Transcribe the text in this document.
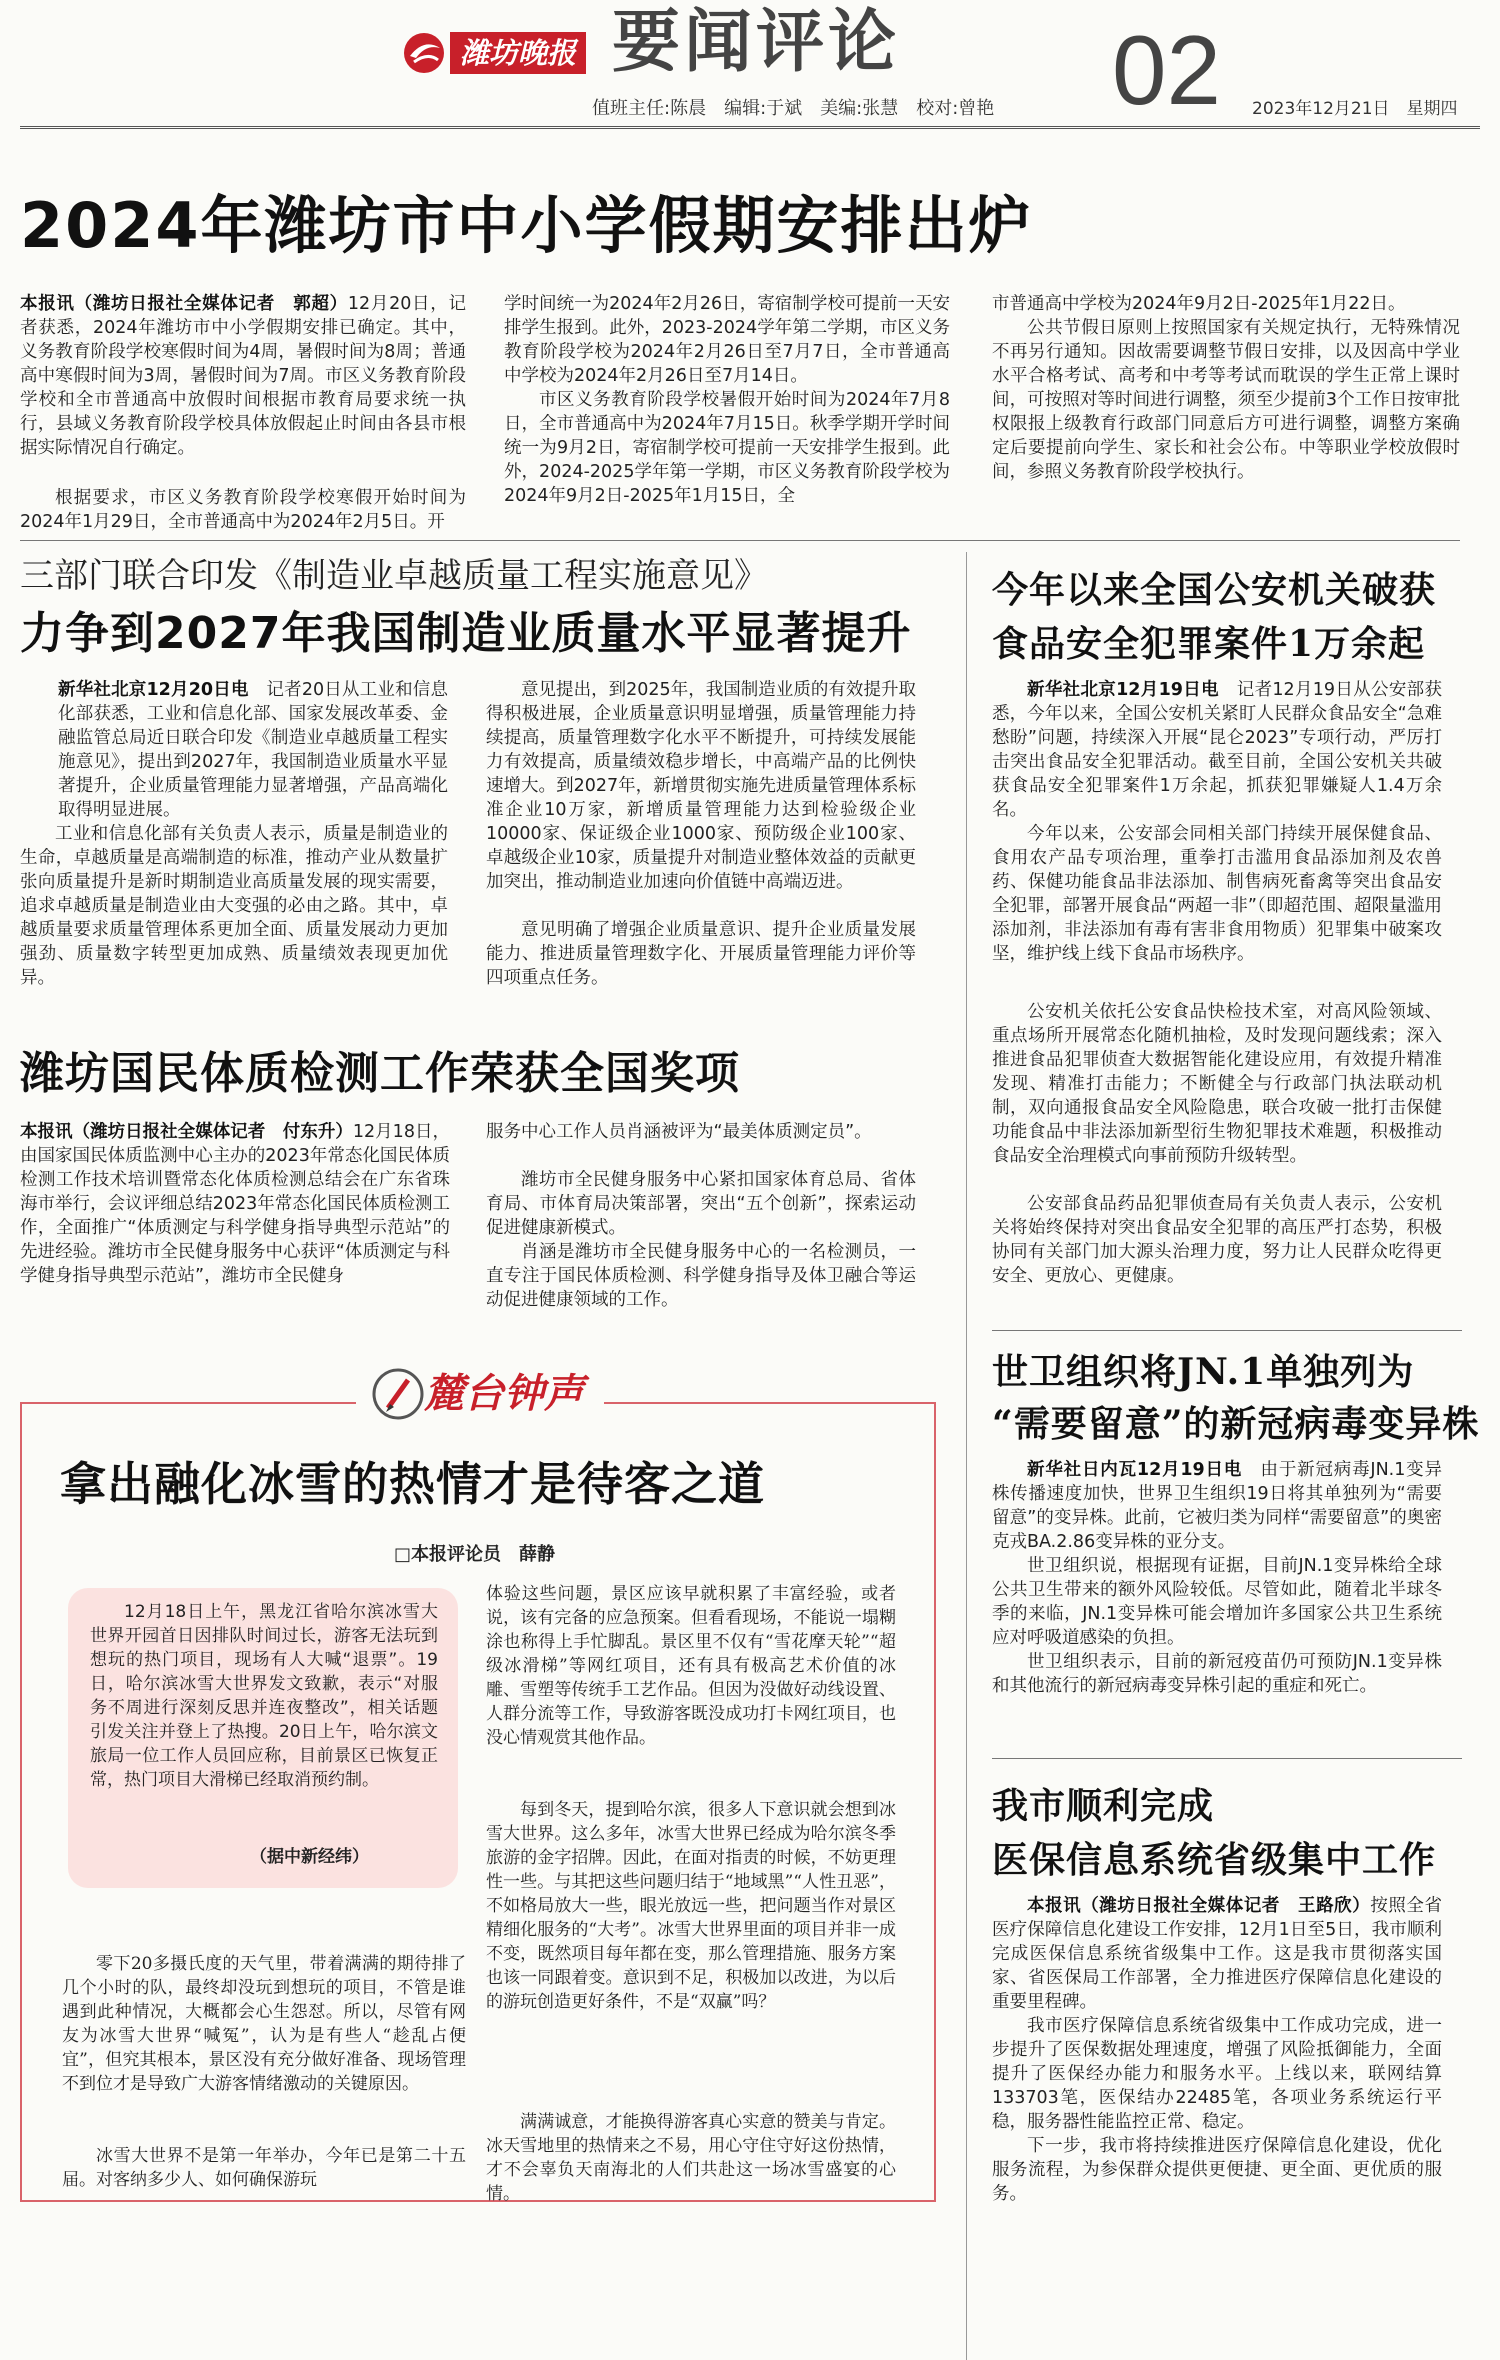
潍坊晚报 要闻评论
值班主任:陈晨　编辑:于斌　美编:张慧　校对:曾艳 02 2023年12月21日　星期四
2024年潍坊市中小学假期安排出炉
本报讯（潍坊日报社全媒体记者　郭超）12月20日，记者获悉，2024年潍坊市中小学假期安排已确定。其中，义务教育阶段学校寒假时间为4周，暑假时间为8周；普通高中寒假时间为3周，暑假时间为7周。市区义务教育阶段学校和全市普通高中放假时间根据市教育局要求统一执行，县域义务教育阶段学校具体放假起止时间由各县市根据实际情况自行确定。
根据要求，市区义务教育阶段学校寒假开始时间为2024年1月29日，全市普通高中为2024年2月5日。开
学时间统一为2024年2月26日，寄宿制学校可提前一天安排学生报到。此外，2023-2024学年第二学期，市区义务教育阶段学校为2024年2月26日至7月7日，全市普通高中学校为2024年2月26日至7月14日。
市区义务教育阶段学校暑假开始时间为2024年7月8日，全市普通高中为2024年7月15日。秋季学期开学时间统一为9月2日，寄宿制学校可提前一天安排学生报到。此外，2024-2025学年第一学期，市区义务教育阶段学校为2024年9月2日-2025年1月15日，全
市普通高中学校为2024年9月2日-2025年1月22日。
公共节假日原则上按照国家有关规定执行，无特殊情况不再另行通知。因故需要调整节假日安排，以及因高中学业水平合格考试、高考和中考等考试而耽误的学生正常上课时间，可按照对等时间进行调整，须至少提前3个工作日按审批权限报上级教育行政部门同意后方可进行调整，调整方案确定后要提前向学生、家长和社会公布。中等职业学校放假时间，参照义务教育阶段学校执行。
三部门联合印发《制造业卓越质量工程实施意见》
力争到2027年我国制造业质量水平显著提升
新华社北京12月20日电　 记者20日从工业和信息化部获悉，工业和信息化部、国家发展改革委、金融监管总局近日联合印发《制造业卓越质量工程实施意见》，提出到2027年，我国制造业质量水平显著提升，企业质量管理能力显著增强，产品高端化取得明显进展。
工业和信息化部有关负责人表示，质量是制造业的生命，卓越质量是高端制造的标准，推动产业从数量扩张向质量提升是新时期制造业高质量发展的现实需要，追求卓越质量是制造业由大变强的必由之路。其中，卓越质量要求质量管理体系更加全面、质量发展动力更加强劲、质量数字转型更加成熟、质量绩效表现更加优异。
意见提出，到2025年，我国制造业质的有效提升取得积极进展，企业质量意识明显增强，质量管理能力持续提高，质量管理数字化水平不断提升，可持续发展能力有效提高，质量绩效稳步增长，中高端产品的比例快速增大。到2027年，新增贯彻实施先进质量管理体系标准企业10万家，新增质量管理能力达到检验级企业10000家、保证级企业1000家、预防级企业100家、卓越级企业10家，质量提升对制造业整体效益的贡献更加突出，推动制造业加速向价值链中高端迈进。
意见明确了增强企业质量意识、提升企业质量发展能力、推进质量管理数字化、开展质量管理能力评价等四项重点任务。
今年以来全国公安机关破获
食品安全犯罪案件1万余起
新华社北京12月19日电　 记者12月19日从公安部获悉，今年以来，全国公安机关紧盯人民群众食品安全“急难愁盼”问题，持续深入开展“昆仑2023”专项行动，严厉打击突出食品安全犯罪活动。截至目前，全国公安机关共破获食品安全犯罪案件1万余起，抓获犯罪嫌疑人1.4万余名。
今年以来，公安部会同相关部门持续开展保健食品、食用农产品专项治理，重拳打击滥用食品添加剂及农兽药、保健功能食品非法添加、制售病死畜禽等突出食品安全犯罪，部署开展食品“两超一非”（即超范围、超限量滥用添加剂，非法添加有毒有害非食用物质）犯罪集中破案攻坚，维护线上线下食品市场秩序。
公安机关依托公安食品快检技术室，对高风险领域、重点场所开展常态化随机抽检，及时发现问题线索；深入推进食品犯罪侦查大数据智能化建设应用，有效提升精准发现、精准打击能力；不断健全与行政部门执法联动机制，双向通报食品安全风险隐患，联合攻破一批打击保健功能食品中非法添加新型衍生物犯罪技术难题，积极推动食品安全治理模式向事前预防升级转型。
公安部食品药品犯罪侦查局有关负责人表示，公安机关将始终保持对突出食品安全犯罪的高压严打态势，积极协同有关部门加大源头治理力度，努力让人民群众吃得更安全、更放心、更健康。
潍坊国民体质检测工作荣获全国奖项
本报讯（潍坊日报社全媒体记者　付东升）12月18日，由国家国民体质监测中心主办的2023年常态化国民体质检测工作技术培训暨常态化体质检测总结会在广东省珠海市举行，会议评细总结2023年常态化国民体质检测工作，全面推广“体质测定与科学健身指导典型示范站”的先进经验。潍坊市全民健身服务中心获评“体质测定与科学健身指导典型示范站”，潍坊市全民健身
服务中心工作人员肖涵被评为“最美体质测定员”。
潍坊市全民健身服务中心紧扣国家体育总局、省体育局、市体育局决策部署，突出“五个创新”，探索运动促进健康新模式。
肖涵是潍坊市全民健身服务中心的一名检测员，一直专注于国民体质检测、科学健身指导及体卫融合等运动促进健康领域的工作。
世卫组织将JN.1单独列为
“需要留意”的新冠病毒变异株
新华社日内瓦12月19日电　 由于新冠病毒JN.1变异株传播速度加快，世界卫生组织19日将其单独列为“需要留意”的变异株。此前，它被归类为同样“需要留意”的奥密克戎BA.2.86变异株的亚分支。
世卫组织说，根据现有证据，目前JN.1变异株给全球公共卫生带来的额外风险较低。尽管如此，随着北半球冬季的来临，JN.1变异株可能会增加许多国家公共卫生系统应对呼吸道感染的负担。
世卫组织表示，目前的新冠疫苗仍可预防JN.1变异株和其他流行的新冠病毒变异株引起的重症和死亡。
我市顺利完成
医保信息系统省级集中工作
本报讯（潍坊日报社全媒体记者　王路欣）按照全省医疗保障信息化建设工作安排，12月1日至5日，我市顺利完成医保信息系统省级集中工作。这是我市贯彻落实国家、省医保局工作部署，全力推进医疗保障信息化建设的重要里程碑。
我市医疗保障信息系统省级集中工作成功完成，进一步提升了医保数据处理速度，增强了风险抵御能力，全面提升了医保经办能力和服务水平。上线以来，联网结算133703笔，医保结办22485笔，各项业务系统运行平稳，服务器性能监控正常、稳定。
下一步，我市将持续推进医疗保障信息化建设，优化服务流程，为参保群众提供更便捷、更全面、更优质的服务。
麓台钟声
拿出融化冰雪的热情才是待客之道
□本报评论员　薛静
12月18日上午，黑龙江省哈尔滨冰雪大世界开园首日因排队时间过长，游客无法玩到想玩的热门项目，现场有人大喊“退票”。19日，哈尔滨冰雪大世界发文致歉，表示“对服务不周进行深刻反思并连夜整改”，相关话题引发关注并登上了热搜。20日上午，哈尔滨文旅局一位工作人员回应称，目前景区已恢复正常，热门项目大滑梯已经取消预约制。
（据中新经纬）
零下20多摄氏度的天气里，带着满满的期待排了几个小时的队，最终却没玩到想玩的项目，不管是谁遇到此种情况，大概都会心生怨怼。所以，尽管有网友为冰雪大世界“喊冤”，认为是有些人“趁乱占便宜”，但究其根本，景区没有充分做好准备、现场管理不到位才是导致广大游客情绪激动的关键原因。
冰雪大世界不是第一年举办，今年已是第二十五届。对客纳多少人、如何确保游玩
体验这些问题，景区应该早就积累了丰富经验，或者说，该有完备的应急预案。但看看现场，不能说一塌糊涂也称得上手忙脚乱。景区里不仅有“雪花摩天轮”“超级冰滑梯”等网红项目，还有具有极高艺术价值的冰雕、雪塑等传统手工艺作品。但因为没做好动线设置、人群分流等工作，导致游客既没成功打卡网红项目，也没心情观赏其他作品。
每到冬天，提到哈尔滨，很多人下意识就会想到冰雪大世界。这么多年，冰雪大世界已经成为哈尔滨冬季旅游的金字招牌。因此，在面对指责的时候，不妨更理性一些。与其把这些问题归结于“地域黑”“人性丑恶”，不如格局放大一些，眼光放远一些，把问题当作对景区精细化服务的“大考”。冰雪大世界里面的项目并非一成不变，既然项目每年都在变，那么管理措施、服务方案也该一同跟着变。意识到不足，积极加以改进，为以后的游玩创造更好条件，不是“双赢”吗？
满满诚意，才能换得游客真心实意的赞美与肯定。冰天雪地里的热情来之不易，用心守住守好这份热情，才不会辜负天南海北的人们共赴这一场冰雪盛宴的心情。
